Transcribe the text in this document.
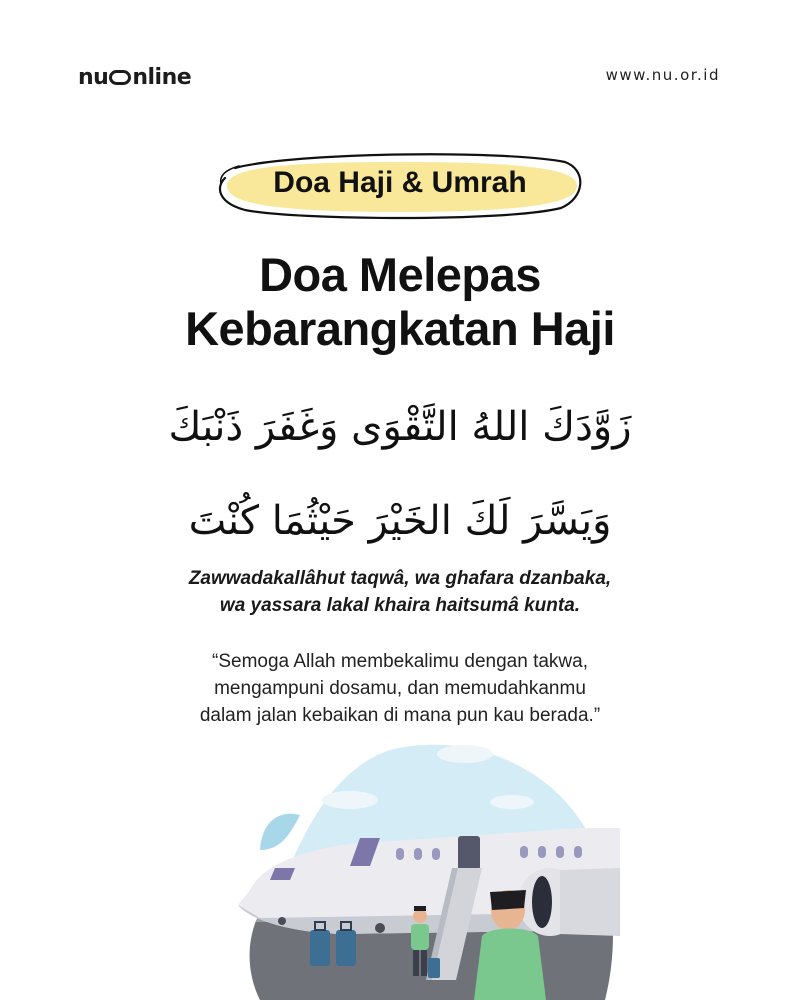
nu nline	www.nu.or.id
Doa Haji & Umrah
Doa Melepas
Kebarangkatan Haji
زَوَّدَكَ اللهُ التَّقْوَى وَغَفَرَ ذَنْبَكَ
وَيَسَّرَ لَكَ الخَيْرَ حَيْثُمَا كُنْتَ
Zawwadakallâhut taqwâ, wa ghafara dzanbaka,
wa yassara lakal khaira haitsumâ kunta.
“Semoga Allah membekalimu dengan takwa,
mengampuni dosamu, dan memudahkanmu
dalam jalan kebaikan di mana pun kau berada.”
